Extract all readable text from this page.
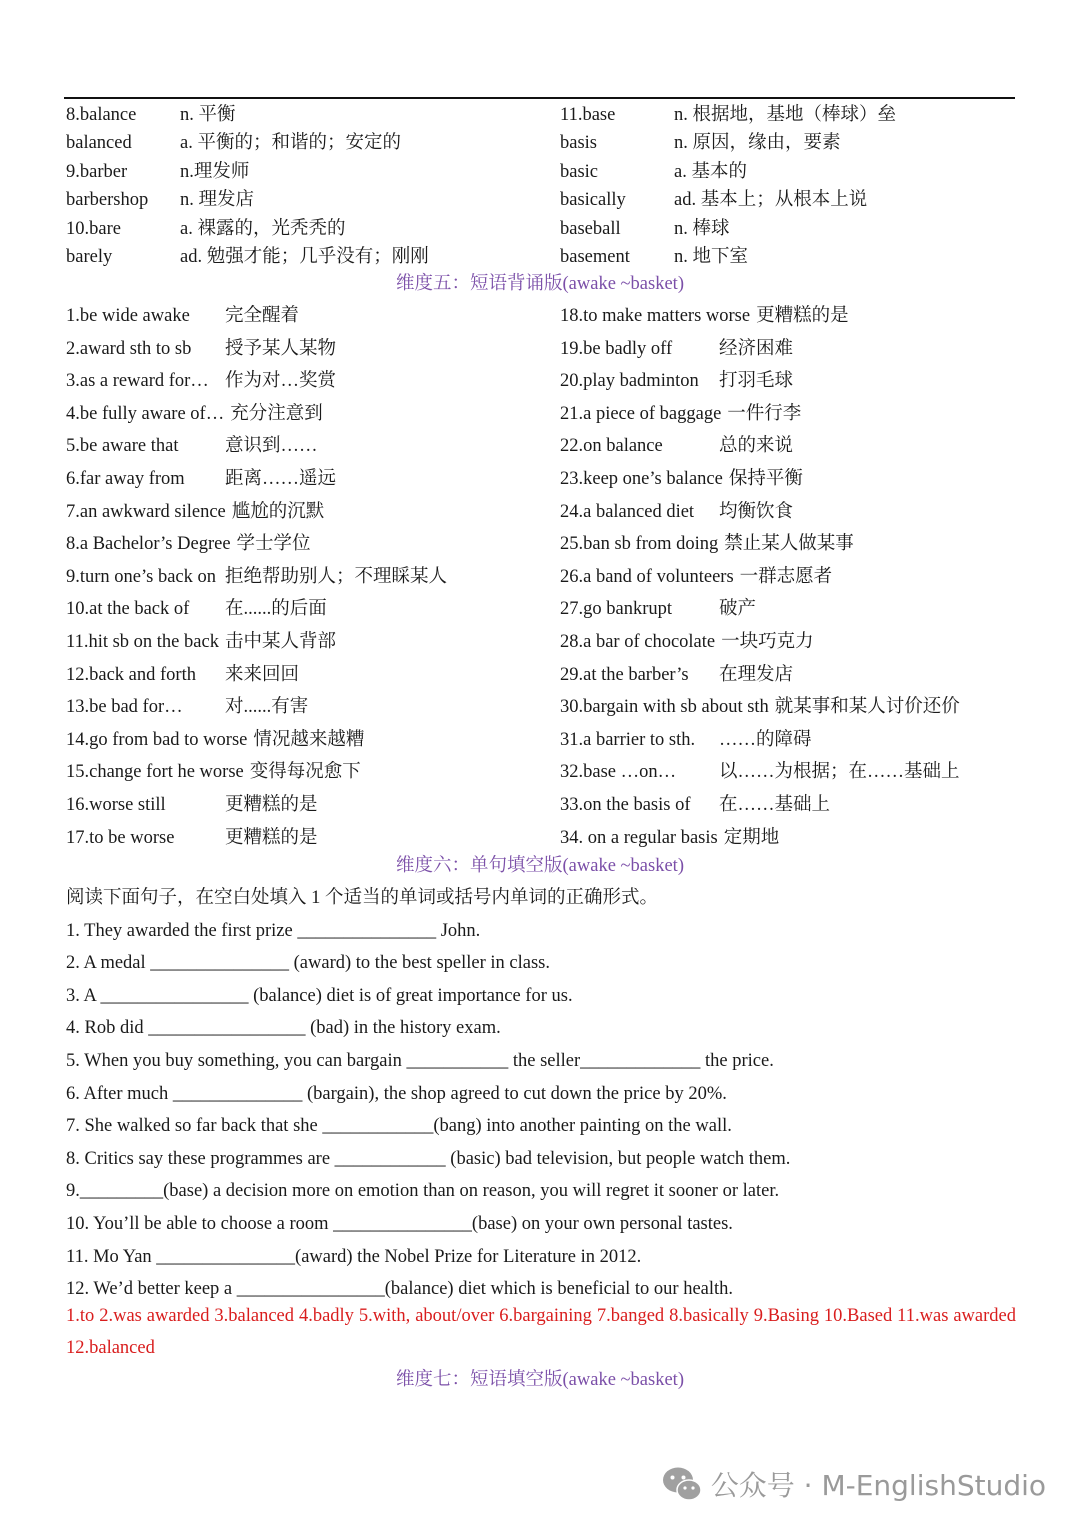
8.balance n. 平衡
balanced	a. 平衡的；和谐的；安定的
9.barber	n.理发师
barbershop n. 理发店
10.bare	a. 裸露的，光秃秃的
barely	ad. 勉强才能；几乎没有；刚刚
11.base	n. 根据地，基地（棒球）垒
basis	n. 原因，缘由，要素
basic	a. 基本的
basically	ad. 基本上；从根本上说
baseball	n. 棒球
basement n. 地下室
维度五：短语背诵版(awake ~basket)
1.be wide awake 完全醒着
2.award sth to sb 授予某人某物
3.as a reward for… 作为对…奖赏
4.be fully aware of… 充分注意到
5.be aware that	意识到……
6.far away from 距离……遥远
7.an awkward silence 尴尬的沉默
8.a Bachelor’s Degree 学士学位
9.turn one’s back on 拒绝帮助别人；不理睬某人
10.at the back of 在......的后面
11.hit sb on the back 击中某人背部
12.back and forth 来来回回
13.be bad for… 对......有害
14.go from bad to worse 情况越来越糟
15.change fort he worse 变得每况愈下
16.worse still	更糟糕的是
17.to be worse	更糟糕的是
18.to make matters worse 更糟糕的是
19.be badly off	经济困难
20.play badminton 打羽毛球
21.a piece of baggage 一件行李
22.on balance	总的来说
23.keep one’s balance 保持平衡
24.a balanced diet 均衡饮食
25.ban sb from doing 禁止某人做某事
26.a band of volunteers 一群志愿者
27.go bankrupt	破产
28.a bar of chocolate 一块巧克力
29.at the barber’s 在理发店
30.bargain with sb about sth 就某事和某人讨价还价
31.a barrier to sth. ……的障碍
32.base …on… 以……为根据；在……基础上
33.on the basis of 在……基础上
34. on a regular basis 定期地
维度六：单句填空版(awake ~basket)
阅读下面句子，在空白处填入 1 个适当的单词或括号内单词的正确形式。
1. They awarded the first prize _______________ John.
2. A medal _______________ (award) to the best speller in class.
3. A ________________ (balance) diet is of great importance for us.
4. Rob did _________________ (bad) in the history exam.
5. When you buy something, you can bargain ___________ the seller_____________ the price.
6. After much ______________ (bargain), the shop agreed to cut down the price by 20%.
7. She walked so far back that she ____________(bang) into another painting on the wall.
8. Critics say these programmes are ____________ (basic) bad television, but people watch them.
9._________(base) a decision more on emotion than on reason, you will regret it sooner or later.
10. You’ll be able to choose a room _______________(base) on your own personal tastes.
11. Mo Yan _______________(award) the Nobel Prize for Literature in 2012.
12. We’d better keep a ________________(balance) diet which is beneficial to our health.
1.to 2.was awarded 3.balanced 4.badly 5.with, about/over 6.bargaining 7.banged 8.basically 9.Basing 10.Based 11.was awarded 12.balanced
维度七：短语填空版(awake ~basket)
公众号 · M-EnglishStudio
